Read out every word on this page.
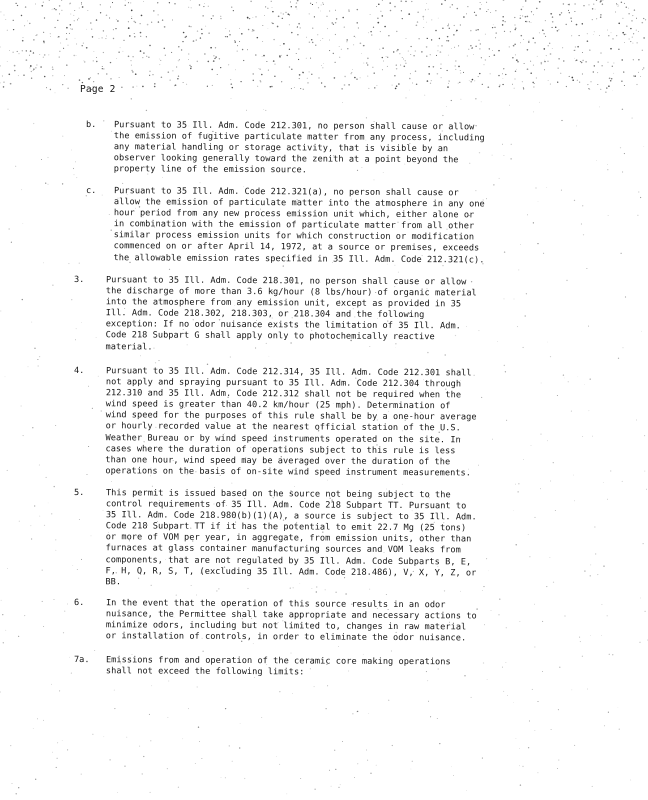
Page 2
b. Pursuant to 35 Ill. Adm. Code 212.301, no person shall cause or allow
the emission of fugitive particulate matter from any process, including
any material handling or storage activity, that is visible by an
observer looking generally toward the zenith at a point beyond the
property line of the emission source.
c. Pursuant to 35 Ill. Adm. Code 212.321(a), no person shall cause or
allow the emission of particulate matter into the atmosphere in any one
hour period from any new process emission unit which, either alone or
in combination with the emission of particulate matter from all other
similar process emission units for which construction or modification
commenced on or after April 14, 1972, at a source or premises, exceeds
the allowable emission rates specified in 35 Ill. Adm. Code 212.321(c).
3. Pursuant to 35 Ill. Adm. Code 218.301, no person shall cause or allow
the discharge of more than 3.6 kg/hour (8 lbs/hour) of organic material
into the atmosphere from any emission unit, except as provided in 35
Ill. Adm. Code 218.302, 218.303, or 218.304 and the following
exception: If no odor nuisance exists the limitation of 35 Ill. Adm.
Code 218 Subpart G shall apply only to photochemically reactive
material.
4. Pursuant to 35 Ill. Adm. Code 212.314, 35 Ill. Adm. Code 212.301 shall
not apply and spraying pursuant to 35 Ill. Adm. Code 212.304 through
212.310 and 35 Ill. Adm. Code 212.312 shall not be required when the
wind speed is greater than 40.2 km/hour (25 mph). Determination of
wind speed for the purposes of this rule shall be by a one-hour average
or hourly recorded value at the nearest official station of the U.S.
Weather Bureau or by wind speed instruments operated on the site. In
cases where the duration of operations subject to this rule is less
than one hour, wind speed may be averaged over the duration of the
operations on the basis of on-site wind speed instrument measurements.
5. This permit is issued based on the source not being subject to the
control requirements of 35 Ill. Adm. Code 218 Subpart TT. Pursuant to
35 Ill. Adm. Code 218.980(b)(1)(A), a source is subject to 35 Ill. Adm.
Code 218 Subpart TT if it has the potential to emit 22.7 Mg (25 tons)
or more of VOM per year, in aggregate, from emission units, other than
furnaces at glass container manufacturing sources and VOM leaks from
components, that are not regulated by 35 Ill. Adm. Code Subparts B, E,
F, H, Q, R, S, T, (excluding 35 Ill. Adm. Code 218.486), V, X, Y, Z, or
BB.
6. In the event that the operation of this source results in an odor
nuisance, the Permittee shall take appropriate and necessary actions to
minimize odors, including but not limited to, changes in raw material
or installation of controls, in order to eliminate the odor nuisance.
7a. Emissions from and operation of the ceramic core making operations
shall not exceed the following limits:
